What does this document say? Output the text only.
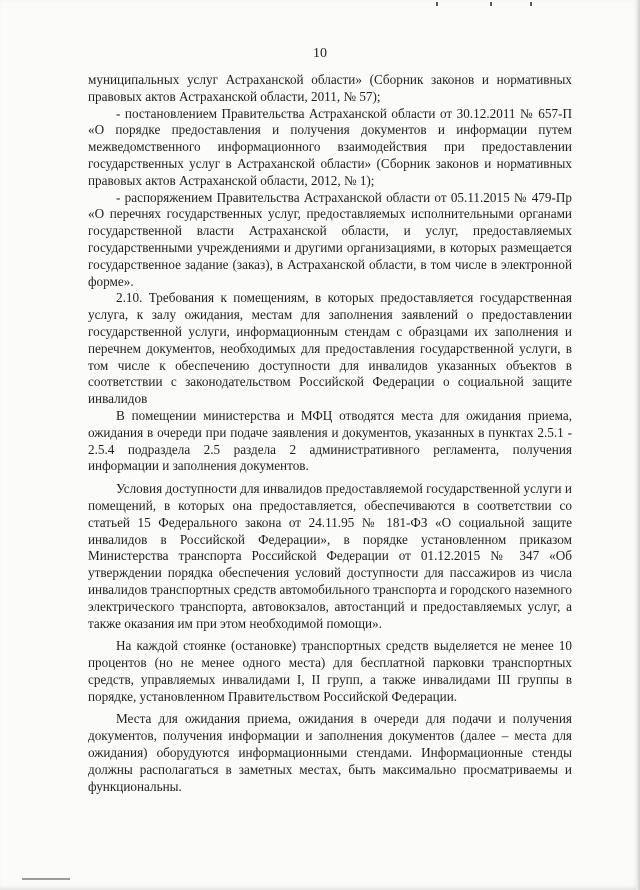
10

муниципальных услуг Астраханской области» (Сборник законов и нормативных правовых актов Астраханской области, 2011, № 57);

- постановлением Правительства Астраханской области от 30.12.2011 № 657-П «О порядке предоставления и получения документов и информации путем межведомственного информационного взаимодействия при предоставлении государственных услуг в Астраханской области» (Сборник законов и нормативных правовых актов Астраханской области, 2012, № 1);

- распоряжением Правительства Астраханской области от 05.11.2015 № 479-Пр «О перечнях государственных услуг, предоставляемых исполнительными органами государственной власти Астраханской области, и услуг, предоставляемых государственными учреждениями и другими организациями, в которых размещается государственное задание (заказ), в Астраханской области, в том числе в электронной форме».

2.10. Требования к помещениям, в которых предоставляется государственная услуга, к залу ожидания, местам для заполнения заявлений о предоставлении государственной услуги, информационным стендам с образцами их заполнения и перечнем документов, необходимых для предоставления государственной услуги, в том числе к обеспечению доступности для инвалидов указанных объектов в соответствии с законодательством Российской Федерации о социальной защите инвалидов

В помещении министерства и МФЦ отводятся места для ожидания приема, ожидания в очереди при подаче заявления и документов, указанных в пунктах 2.5.1 - 2.5.4 подраздела 2.5 раздела 2 административного регламента, получения информации и заполнения документов.

Условия доступности для инвалидов предоставляемой государственной услуги и помещений, в которых она предоставляется, обеспечиваются в соответствии со статьей 15 Федерального закона от 24.11.95 № 181-ФЗ «О социальной защите инвалидов в Российской Федерации», в порядке установленном приказом Министерства транспорта Российской Федерации от 01.12.2015 № 347 «Об утверждении порядка обеспечения условий доступности для пассажиров из числа инвалидов транспортных средств автомобильного транспорта и городского наземного электрического транспорта, автовокзалов, автостанций и предоставляемых услуг, а также оказания им при этом необходимой помощи».

На каждой стоянке (остановке) транспортных средств выделяется не менее 10 процентов (но не менее одного места) для бесплатной парковки транспортных средств, управляемых инвалидами I, II групп, а также инвалидами III группы в порядке, установленном Правительством Российской Федерации.

Места для ожидания приема, ожидания в очереди для подачи и получения документов, получения информации и заполнения документов (далее – места для ожидания) оборудуются информационными стендами. Информационные стенды должны располагаться в заметных местах, быть максимально просматриваемы и функциональны.
